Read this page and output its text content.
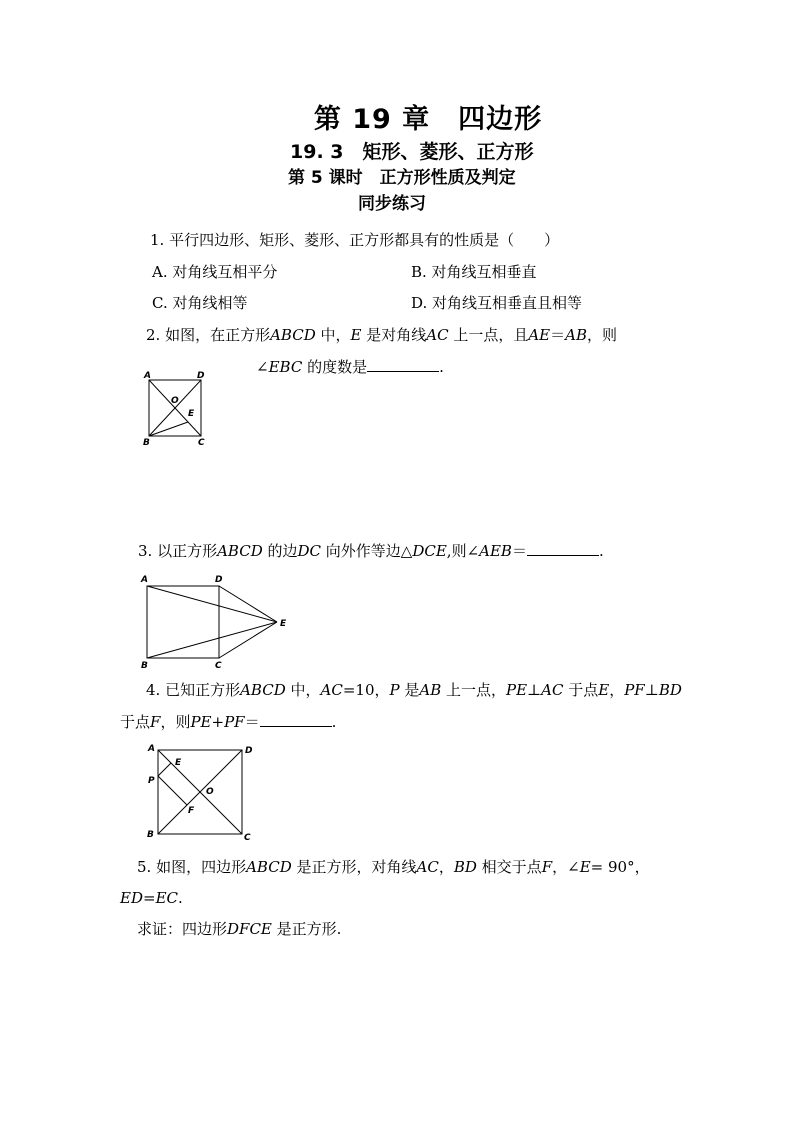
第 19 章　四边形
19. 3　矩形、菱形、正方形
第 5 课时　正方形性质及判定
同步练习
1. 平行四边形、矩形、菱形、正方形都具有的性质是（　　）
A. 对角线互相平分	B. 对角线互相垂直
C. 对角线相等	D. 对角线互相垂直且相等
2. 如图，在正方形ABCD 中，E 是对角线AC 上一点，且AE＝AB，则
∠EBC 的度数是	.
A	D
O
E
B	C
3. 以正方形ABCD 的边DC 向外作等边△DCE,则∠AEB＝	.
A	D
E
B	C
4. 已知正方形ABCD 中，AC=10，P 是AB 上一点，PE⊥AC 于点E，PF⊥BD
于点F，则PE+PF＝	.
A	D
E
P
O
F
B	C
5. 如图，四边形ABCD 是正方形，对角线AC，BD 相交于点F，∠E= 90°，
ED=EC.
求证：四边形DFCE 是正方形.
